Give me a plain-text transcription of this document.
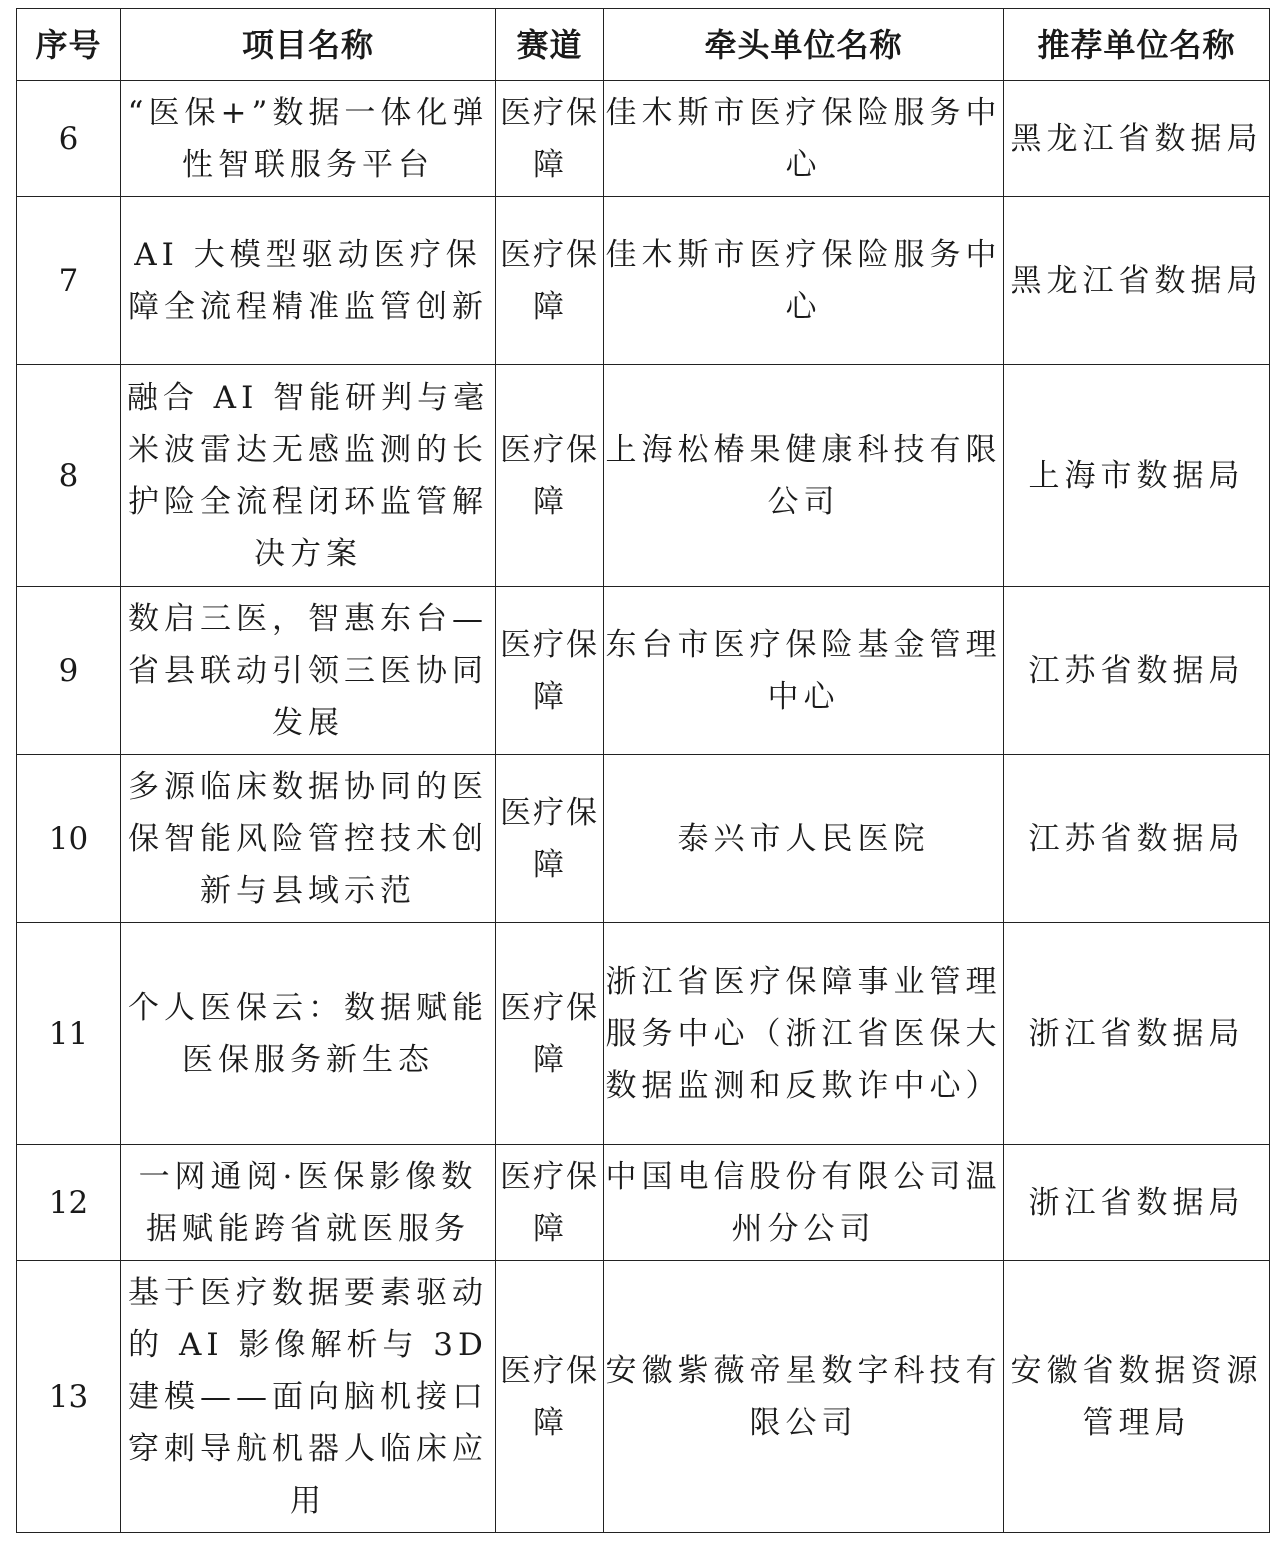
序号	项目名称	赛道	牵头单位名称	推荐单位名称
6	“医保+”数据一体化弹性智联服务平台	医疗保障	佳木斯市医疗保险服务中心	黑龙江省数据局
7	AI 大模型驱动医疗保障全流程精准监管创新	医疗保障	佳木斯市医疗保险服务中心	黑龙江省数据局
8	融合 AI 智能研判与毫米波雷达无感监测的长护险全流程闭环监管解决方案	医疗保障	上海松椿果健康科技有限公司	上海市数据局
9	数启三医，智惠东台—省县联动引领三医协同发展	医疗保障	东台市医疗保险基金管理中心	江苏省数据局
10	多源临床数据协同的医保智能风险管控技术创新与县域示范	医疗保障	泰兴市人民医院	江苏省数据局
11	个人医保云：数据赋能医保服务新生态	医疗保障	浙江省医疗保障事业管理服务中心（浙江省医保大数据监测和反欺诈中心）	浙江省数据局
12	一网通阅·医保影像数据赋能跨省就医服务	医疗保障	中国电信股份有限公司温州分公司	浙江省数据局
13	基于医疗数据要素驱动的 AI 影像解析与 3D 建模——面向脑机接口穿刺导航机器人临床应用	医疗保障	安徽紫薇帝星数字科技有限公司	安徽省数据资源管理局
